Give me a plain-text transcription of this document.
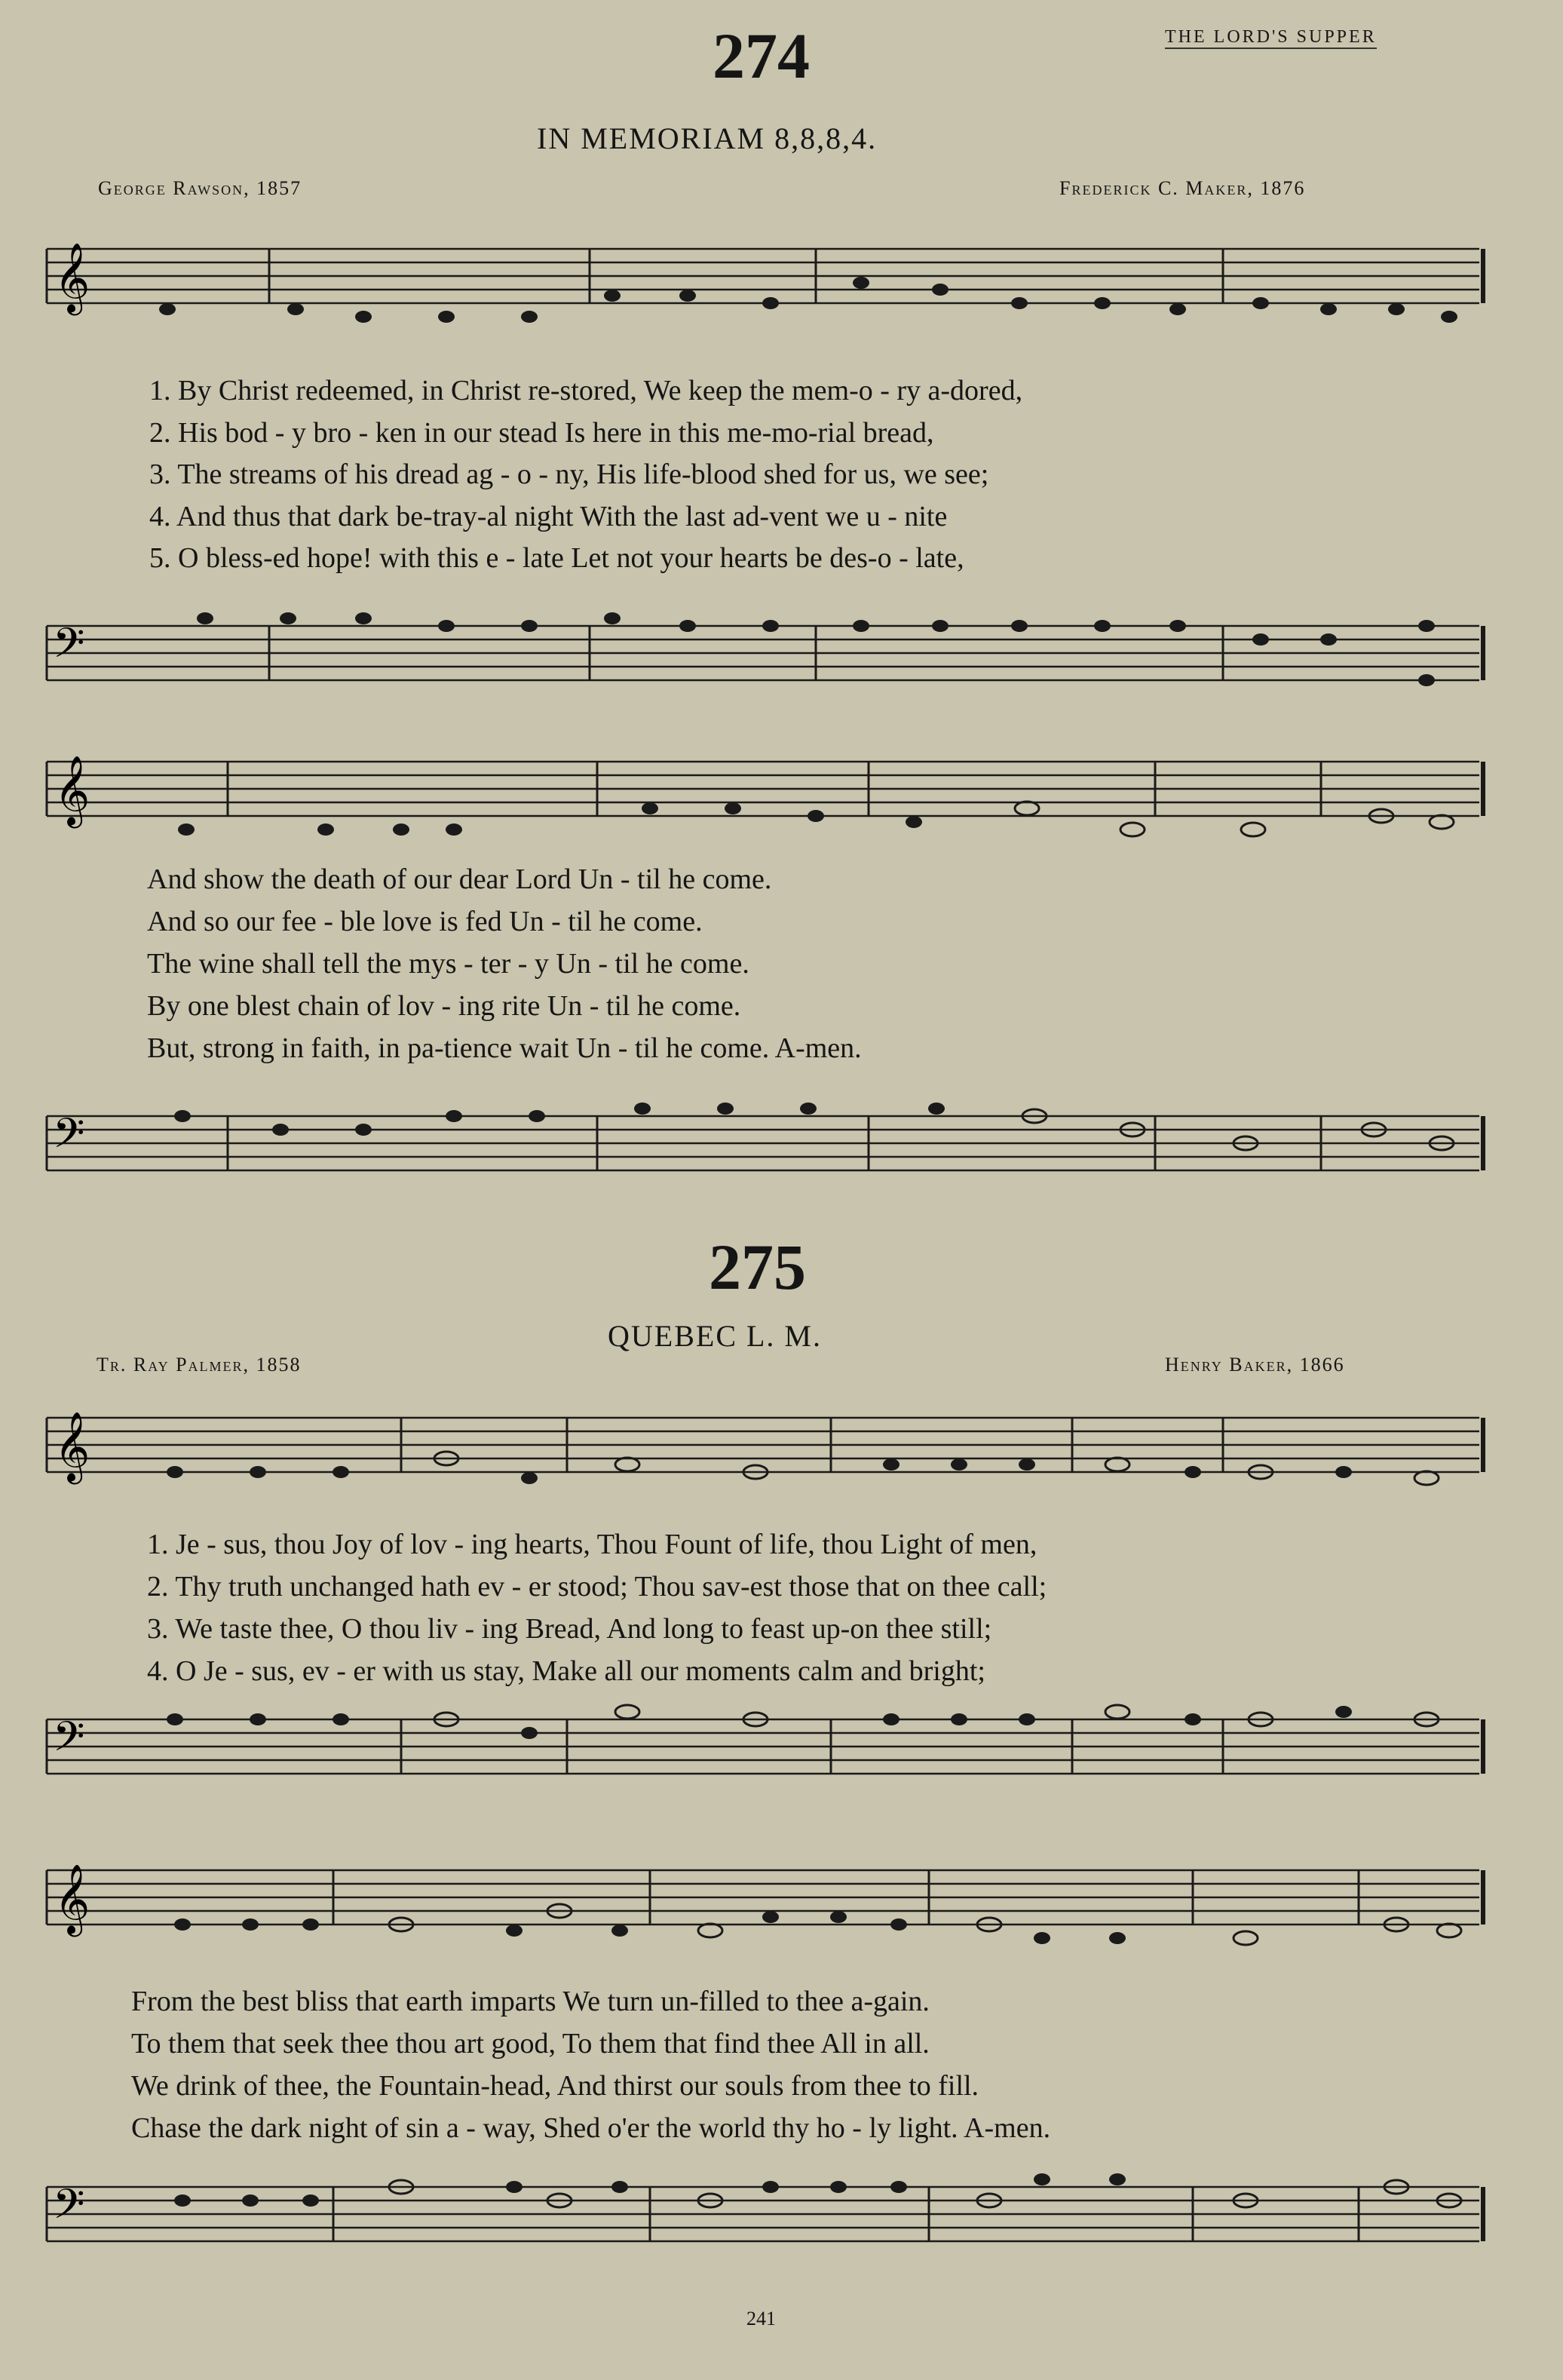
THE LORD'S SUPPER
274
IN MEMORIAM 8,8,8,4.
George Rawson, 1857	Frederick C. Maker, 1876
𝄞
𝄢
1. By Christ redeemed, in Christ re-stored, We keep the mem-o - ry a-dored,
2. His bod - y bro - ken in our stead Is here in this me-mo-rial bread,
3. The streams of his dread ag - o - ny, His life-blood shed for us, we see;
4. And thus that dark be-tray-al night With the last ad-vent we u - nite
5. O bless-ed hope! with this e - late Let not your hearts be des-o - late,
𝄞
𝄢
And show the death of our dear Lord Un - til he come.
And so our fee - ble love is fed Un - til he come.
The wine shall tell the mys - ter - y Un - til he come.
By one blest chain of lov - ing rite Un - til he come.
But, strong in faith, in pa-tience wait Un - til he come. A-men.
275
QUEBEC L. M.
Tr. Ray Palmer, 1858	Henry Baker, 1866
𝄞
𝄢
1. Je - sus, thou Joy of lov - ing hearts, Thou Fount of life, thou Light of men,
2. Thy truth unchanged hath ev - er stood; Thou sav-est those that on thee call;
3. We taste thee, O thou liv - ing Bread, And long to feast up-on thee still;
4. O Je - sus, ev - er with us stay, Make all our moments calm and bright;
𝄞
𝄢
From the best bliss that earth imparts We turn un-filled to thee a-gain.
To them that seek thee thou art good, To them that find thee All in all.
We drink of thee, the Fountain-head, And thirst our souls from thee to fill.
Chase the dark night of sin a - way, Shed o'er the world thy ho - ly light. A-men.
241
